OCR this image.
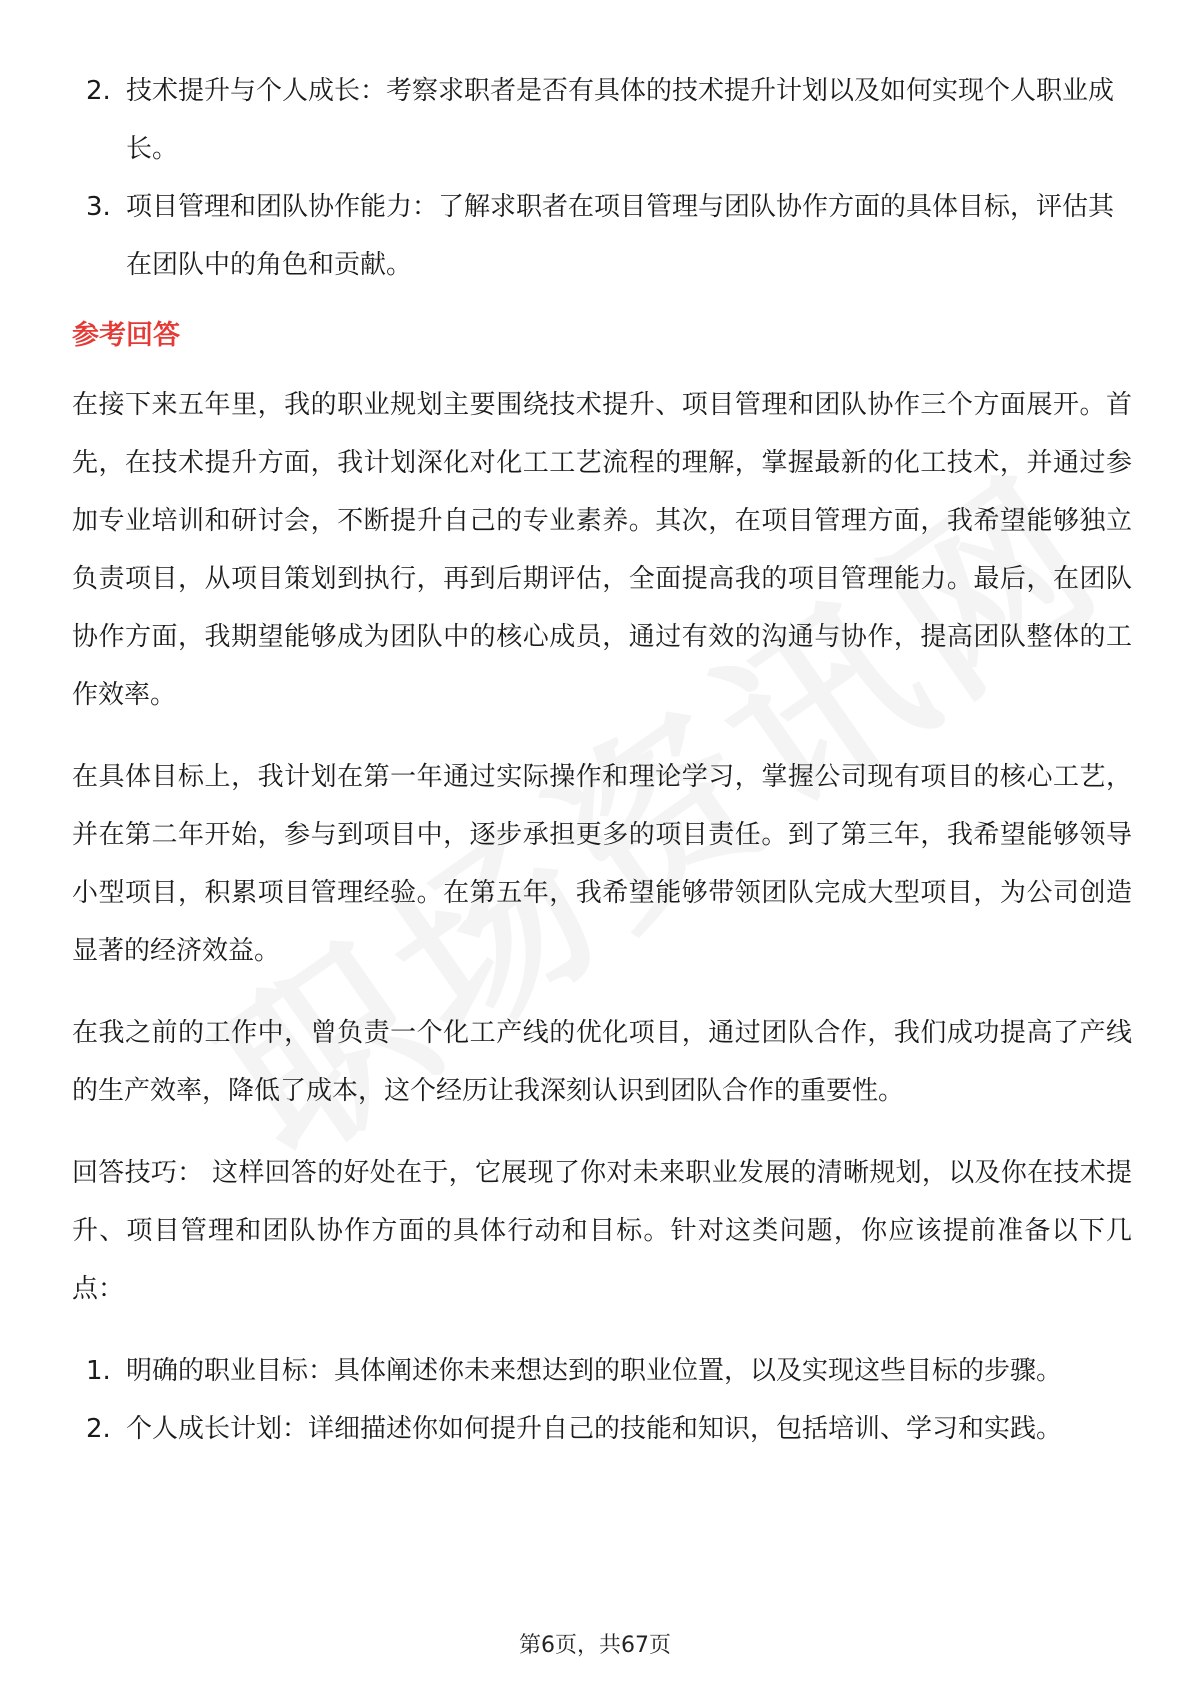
2. 技术提升与个人成长：考察求职者是否有具体的技术提升计划以及如何实现个人职业成长。
3. 项目管理和团队协作能力：了解求职者在项目管理与团队协作方面的具体目标，评估其在团队中的角色和贡献。
参考回答

在接下来五年里，我的职业规划主要围绕技术提升、项目管理和团队协作三个方面展开。首先，在技术提升方面，我计划深化对化工工艺流程的理解，掌握最新的化工技术，并通过参加专业培训和研讨会，不断提升自己的专业素养。其次，在项目管理方面，我希望能够独立负责项目，从项目策划到执行，再到后期评估，全面提高我的项目管理能力。最后，在团队协作方面，我期望能够成为团队中的核心成员，通过有效的沟通与协作，提高团队整体的工作效率。

在具体目标上，我计划在第一年通过实际操作和理论学习，掌握公司现有项目的核心工艺，并在第二年开始，参与到项目中，逐步承担更多的项目责任。到了第三年，我希望能够领导小型项目，积累项目管理经验。在第五年，我希望能够带领团队完成大型项目，为公司创造显著的经济效益。

在我之前的工作中，曾负责一个化工产线的优化项目，通过团队合作，我们成功提高了产线的生产效率，降低了成本，这个经历让我深刻认识到团队合作的重要性。

回答技巧： 这样回答的好处在于，它展现了你对未来职业发展的清晰规划，以及你在技术提升、项目管理和团队协作方面的具体行动和目标。针对这类问题，你应该提前准备以下几点：

1. 明确的职业目标：具体阐述你未来想达到的职业位置，以及实现这些目标的步骤。
2. 个人成长计划：详细描述你如何提升自己的技能和知识，包括培训、学习和实践。
第6页，共67页
